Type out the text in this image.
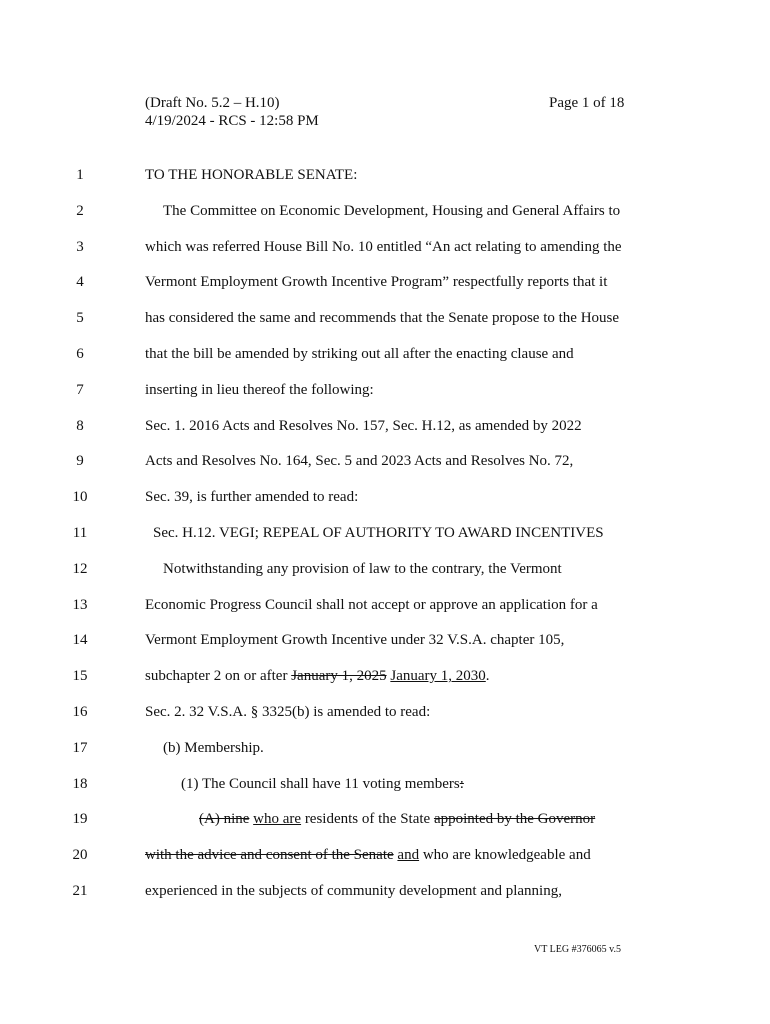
(Draft No. 5.2 – H.10)
4/19/2024 - RCS - 12:58 PM
Page 1 of 18
1	TO THE HONORABLE SENATE:
2	The Committee on Economic Development, Housing and General Affairs to
3	which was referred House Bill No. 10 entitled “An act relating to amending the
4	Vermont Employment Growth Incentive Program” respectfully reports that it
5	has considered the same and recommends that the Senate propose to the House
6	that the bill be amended by striking out all after the enacting clause and
7	inserting in lieu thereof the following:
8	Sec. 1. 2016 Acts and Resolves No. 157, Sec. H.12, as amended by 2022
9	Acts and Resolves No. 164, Sec. 5 and 2023 Acts and Resolves No. 72,
10	Sec. 39, is further amended to read:
11	Sec. H.12. VEGI; REPEAL OF AUTHORITY TO AWARD INCENTIVES
12	Notwithstanding any provision of law to the contrary, the Vermont
13	Economic Progress Council shall not accept or approve an application for a
14	Vermont Employment Growth Incentive under 32 V.S.A. chapter 105,
15	subchapter 2 on or after January 1, 2025 January 1, 2030.
16	Sec. 2. 32 V.S.A. § 3325(b) is amended to read:
17	(b) Membership.
18	(1) The Council shall have 11 voting members:
19	(A) nine who are residents of the State appointed by the Governor
20	with the advice and consent of the Senate and who are knowledgeable and
21	experienced in the subjects of community development and planning,
VT LEG #376065 v.5
